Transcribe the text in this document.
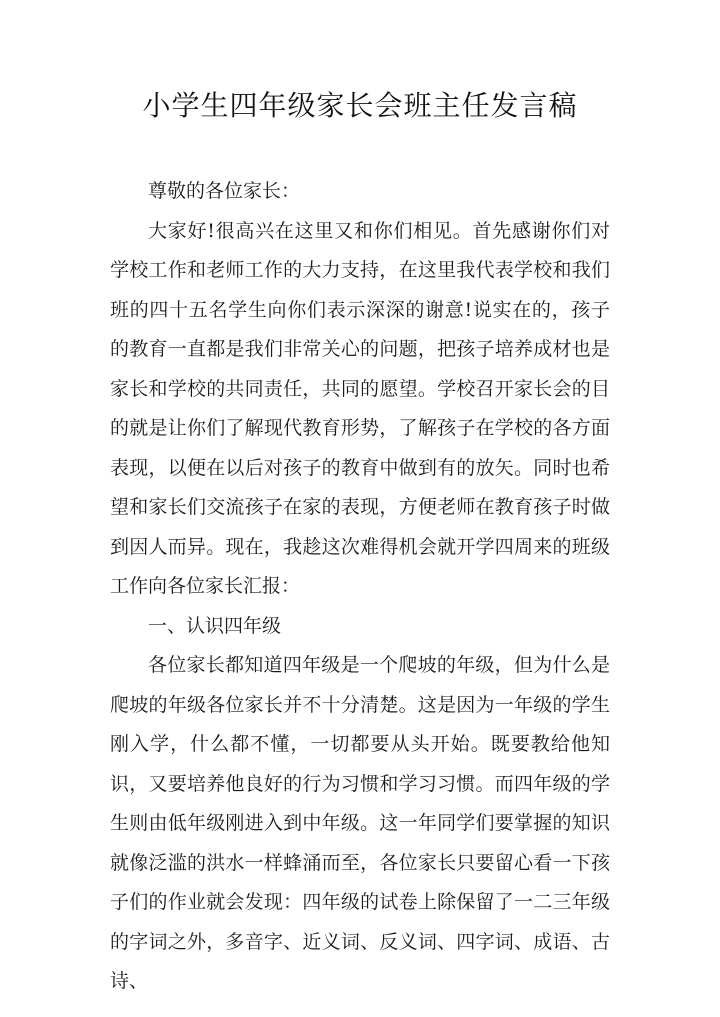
小学生四年级家长会班主任发言稿

尊敬的各位家长：

大家好!很高兴在这里又和你们相见。首先感谢你们对学校工作和老师工作的大力支持，在这里我代表学校和我们班的四十五名学生向你们表示深深的谢意!说实在的，孩子的教育一直都是我们非常关心的问题，把孩子培养成材也是家长和学校的共同责任，共同的愿望。学校召开家长会的目的就是让你们了解现代教育形势，了解孩子在学校的各方面表现，以便在以后对孩子的教育中做到有的放矢。同时也希望和家长们交流孩子在家的表现，方便老师在教育孩子时做到因人而异。现在，我趁这次难得机会就开学四周来的班级工作向各位家长汇报：

一、认识四年级

各位家长都知道四年级是一个爬坡的年级，但为什么是爬坡的年级各位家长并不十分清楚。这是因为一年级的学生刚入学，什么都不懂，一切都要从头开始。既要教给他知识，又要培养他良好的行为习惯和学习习惯。而四年级的学生则由低年级刚进入到中年级。这一年同学们要掌握的知识就像泛滥的洪水一样蜂涌而至，各位家长只要留心看一下孩子们的作业就会发现：四年级的试卷上除保留了一二三年级的字词之外，多音字、近义词、反义词、四字词、成语、古诗、
